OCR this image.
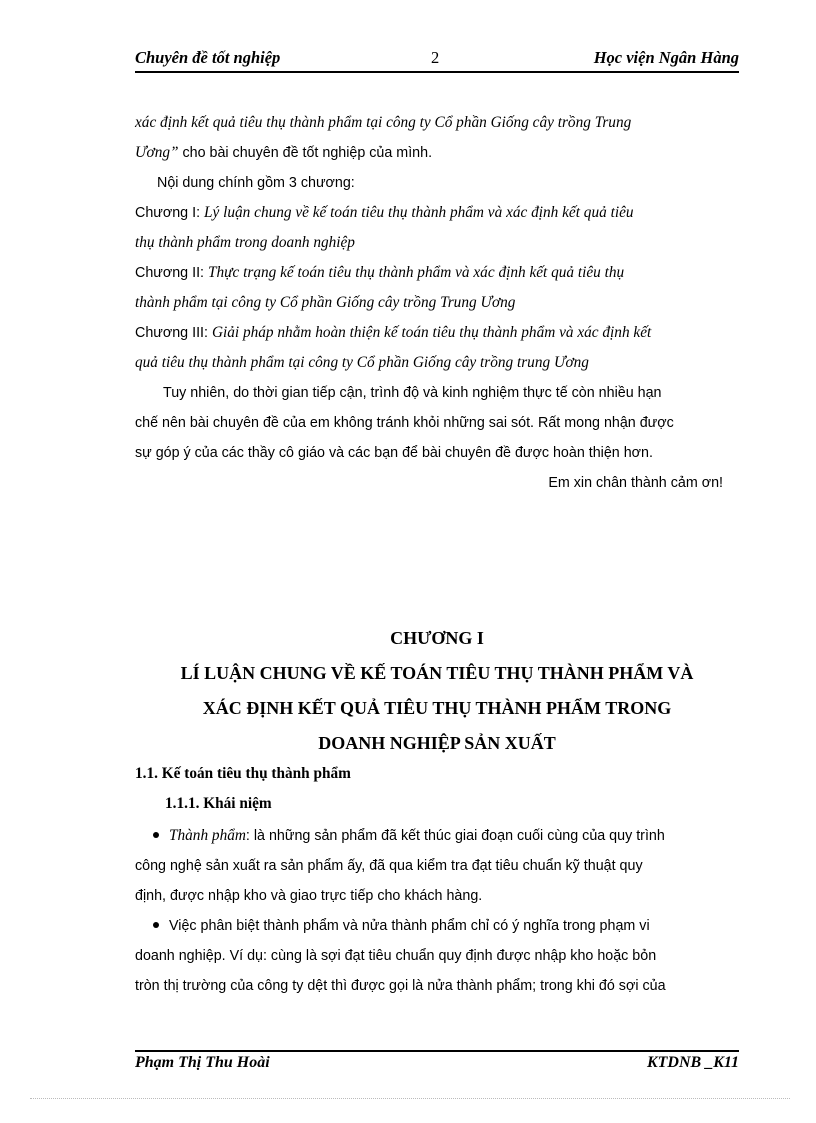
Chuyên đề tốt nghiệp	2	Học viện Ngân Hàng
xác định kết quả tiêu thụ thành phẩm tại công ty Cổ phần Giống cây trồng Trung
Ương” cho bài chuyên đề tốt nghiệp của mình.
Nội dung chính gồm 3 chương:
Chương I: Lý luận chung về kế toán tiêu thụ thành phẩm và xác định kết quả tiêu
thụ thành phẩm trong doanh nghiệp
Chương II: Thực trạng kế toán tiêu thụ thành phẩm và xác định kết quả tiêu thụ
thành phẩm tại công ty Cổ phần Giống cây trồng Trung Ương
Chương III: Giải pháp nhằm hoàn thiện kế toán tiêu thụ thành phẩm và xác định kết
quả tiêu thụ thành phẩm tại công ty Cổ phần Giống cây trồng trung Ương
Tuy nhiên, do thời gian tiếp cận, trình độ và kinh nghiệm thực tế còn nhiều hạn
chế nên bài chuyên đề của em không tránh khỏi những sai sót. Rất mong nhận được
sự góp ý của các thầy cô giáo và các bạn để bài chuyên đề được hoàn thiện hơn.
Em xin chân thành cảm ơn!
CHƯƠNG I
LÍ LUẬN CHUNG VỀ KẾ TOÁN TIÊU THỤ THÀNH PHẨM VÀ
XÁC ĐỊNH KẾT QUẢ TIÊU THỤ THÀNH PHẨM TRONG
DOANH NGHIỆP SẢN XUẤT
1.1. Kế toán tiêu thụ thành phẩm
1.1.1. Khái niệm
Thành phẩm: là những sản phẩm đã kết thúc giai đoạn cuối cùng của quy trình
công nghệ sản xuất ra sản phẩm ấy, đã qua kiểm tra đạt tiêu chuẩn kỹ thuật quy
định, được nhập kho và giao trực tiếp cho khách hàng.
Việc phân biệt thành phẩm và nửa thành phẩm chỉ có ý nghĩa trong phạm vi
doanh nghiệp. Ví dụ: cùng là sợi đạt tiêu chuẩn quy định được nhập kho hoặc bỏn
tròn thị trường của công ty dệt thì được gọi là nửa thành phẩm; trong khi đó sợi của
Phạm Thị Thu Hoài	KTDNB _K11
